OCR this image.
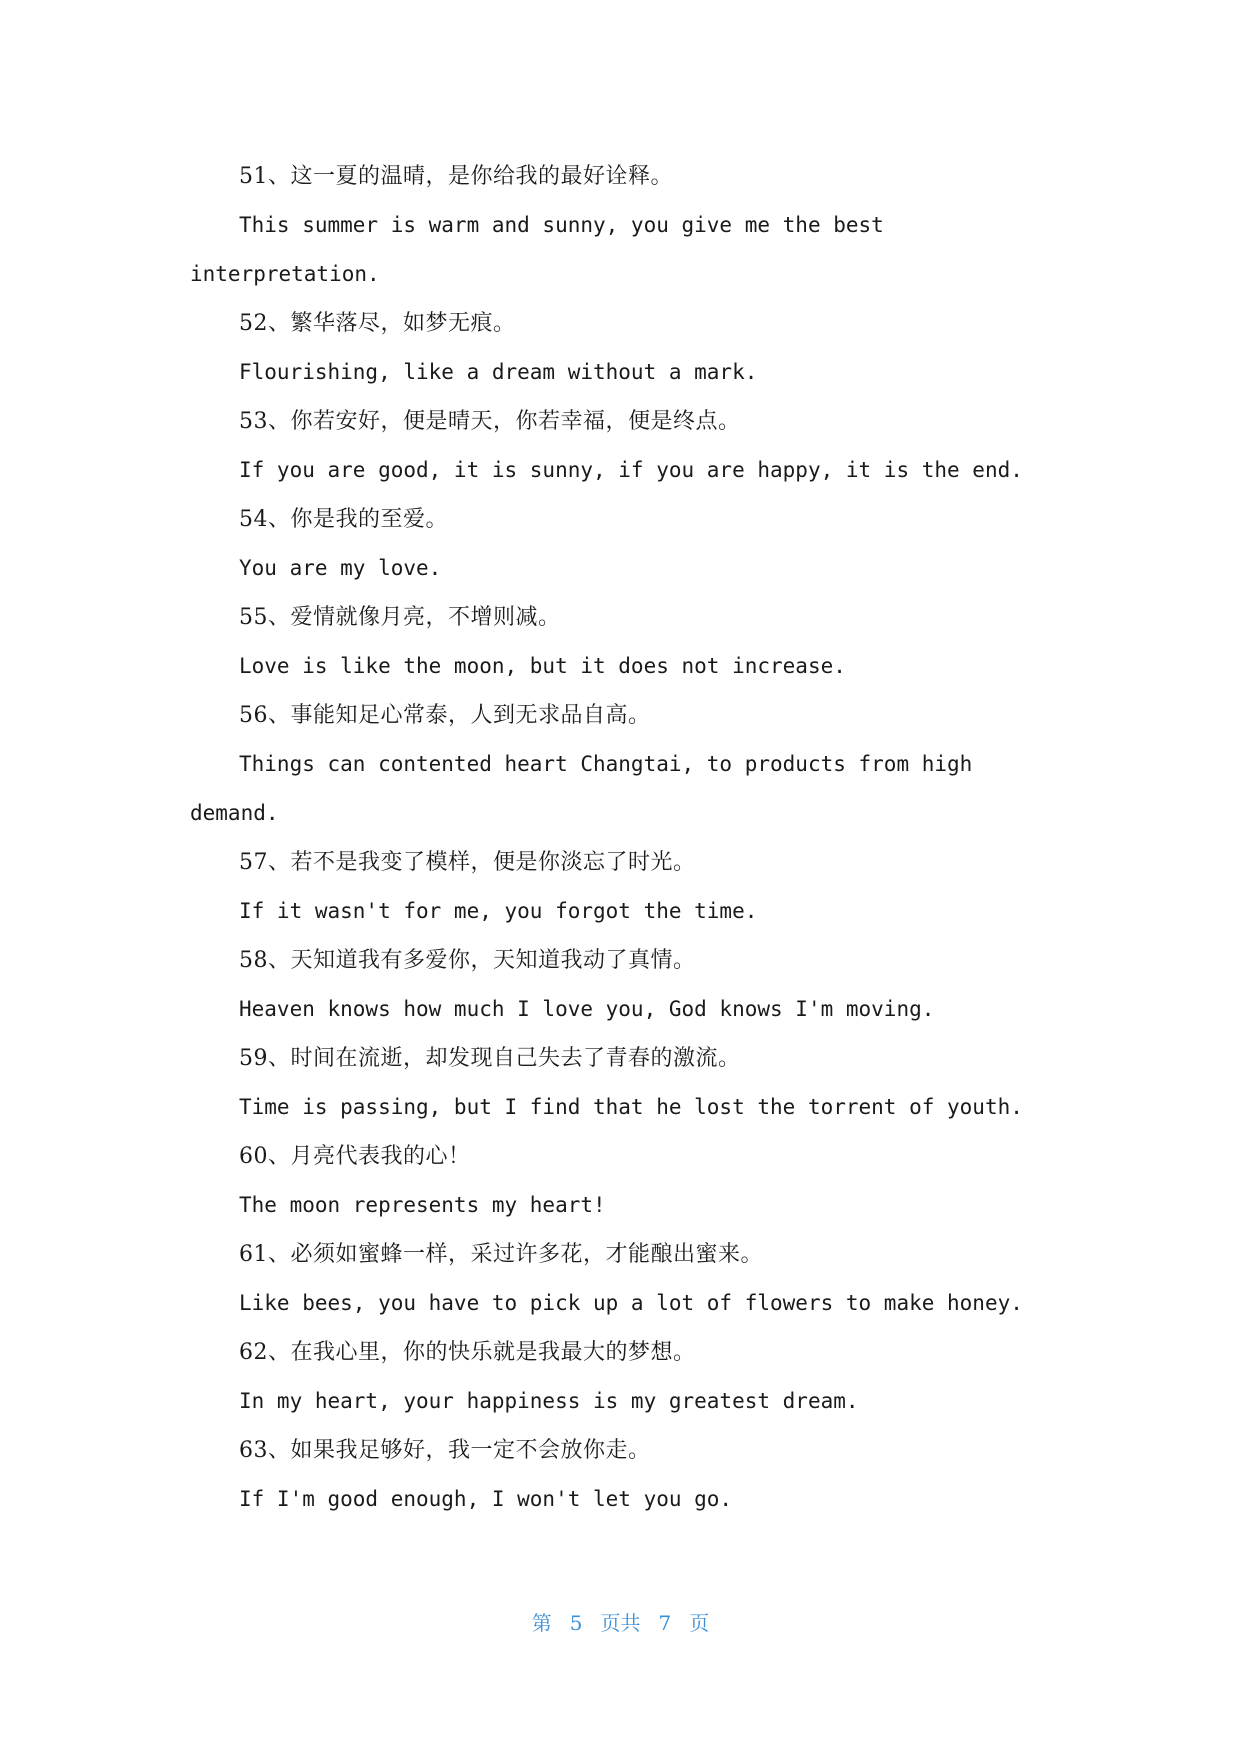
51、这一夏的温晴，是你给我的最好诠释。
This summer is warm and sunny, you give me the best
interpretation.
52、繁华落尽，如梦无痕。
Flourishing, like a dream without a mark.
53、你若安好，便是晴天，你若幸福，便是终点。
If you are good, it is sunny, if you are happy, it is the end.
54、你是我的至爱。
You are my love.
55、爱情就像月亮，不增则减。
Love is like the moon, but it does not increase.
56、事能知足心常泰，人到无求品自高。
Things can contented heart Changtai, to products from high
demand.
57、若不是我变了模样，便是你淡忘了时光。
If it wasn't for me, you forgot the time.
58、天知道我有多爱你，天知道我动了真情。
Heaven knows how much I love you, God knows I'm moving.
59、时间在流逝，却发现自己失去了青春的激流。
Time is passing, but I find that he lost the torrent of youth.
60、月亮代表我的心！
The moon represents my heart!
61、必须如蜜蜂一样，采过许多花，才能酿出蜜来。
Like bees, you have to pick up a lot of flowers to make honey.
62、在我心里，你的快乐就是我最大的梦想。
In my heart, your happiness is my greatest dream.
63、如果我足够好，我一定不会放你走。
If I'm good enough, I won't let you go.
第 5 页共 7 页
